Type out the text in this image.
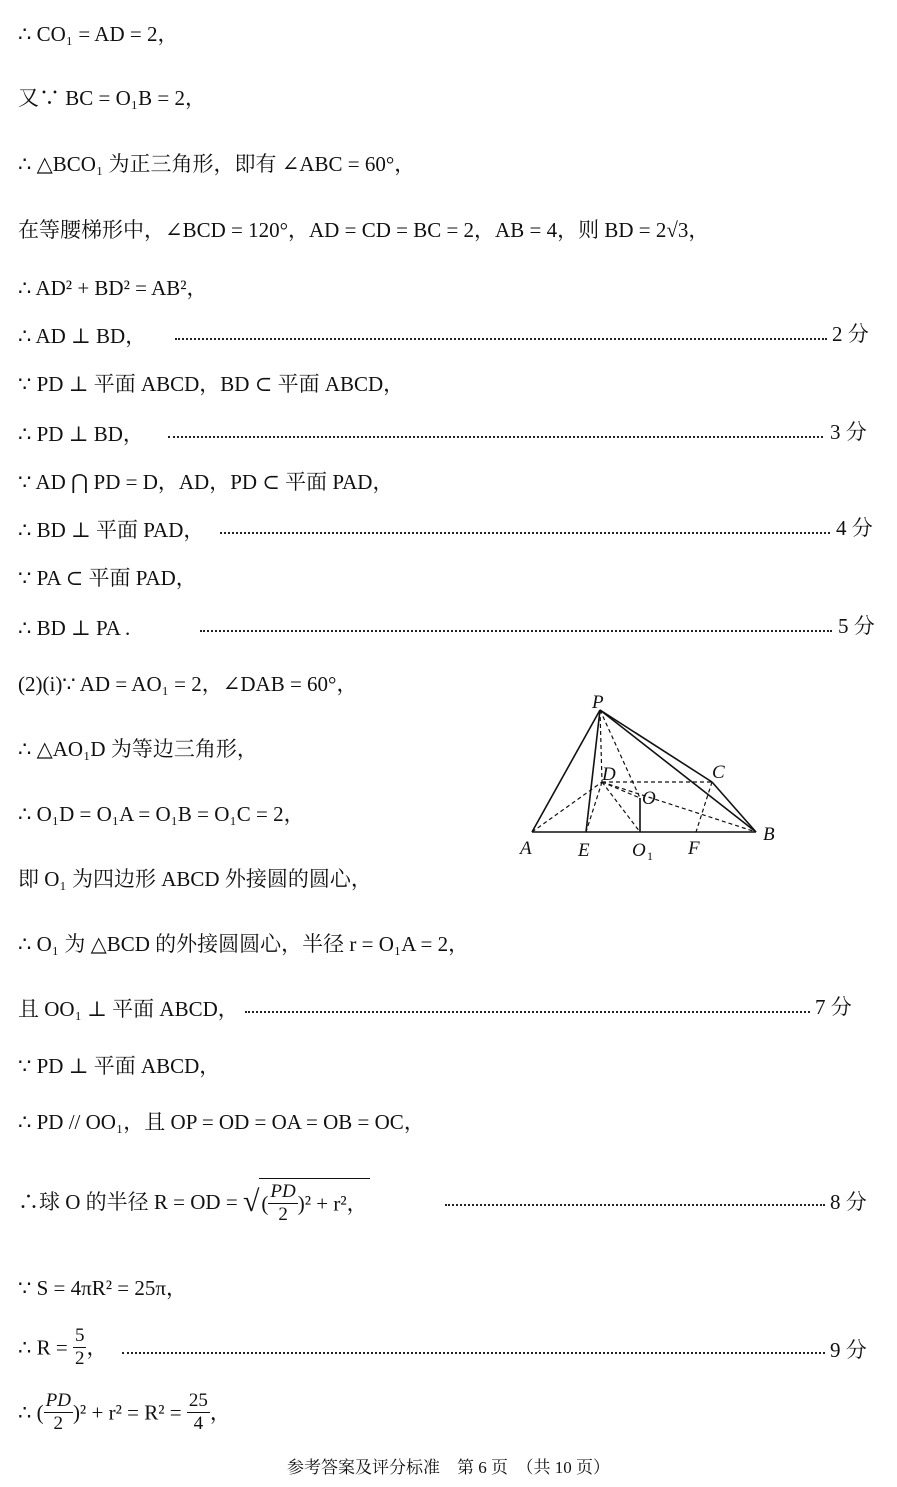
∴ CO₁ = AD = 2，
又∵ BC = O₁B = 2，
∴ △BCO₁ 为正三角形，即有 ∠ABC = 60°，
在等腰梯形中，∠BCD = 120°，AD = CD = BC = 2，AB = 4，则 BD = 2√3，
∴ AD² + BD² = AB²，
∴ AD ⊥ BD，	2 分
∵ PD ⊥ 平面 ABCD，BD ⊂ 平面 ABCD，
∴ PD ⊥ BD，	3 分
∵ AD ⋂ PD = D，AD，PD ⊂ 平面 PAD，
∴ BD ⊥ 平面 PAD，	4 分
∵ PA ⊂ 平面 PAD，
∴ BD ⊥ PA .	5 分
(2)(i)∵ AD = AO₁ = 2，∠DAB = 60°，
∴ △AO₁D 为等边三角形，
∴ O₁D = O₁A = O₁B = O₁C = 2，
即 O₁ 为四边形 ABCD 外接圆的圆心，
∴ O₁ 为 △BCD 的外接圆圆心，半径 r = O₁A = 2，
且 OO₁ ⊥ 平面 ABCD，	7 分
∵ PD ⊥ 平面 ABCD，
∴ PD // OO₁，且 OP = OD = OA = OB = OC，
∴球 O 的半径 R = OD = √( $\frac{PD}{2} )^2 + r^2$，	8 分
∵ S = 4πR² = 25π，
∴ $R = \frac{5}{2}$ ，	9 分
∴ ( $\frac{PD}{2} )^2 + r^2 = R^2 = \frac{25}{4}$ ，
P
A E O 1 F
B
C
D
O
参考答案及评分标准　第 6 页　（共 10 页）
